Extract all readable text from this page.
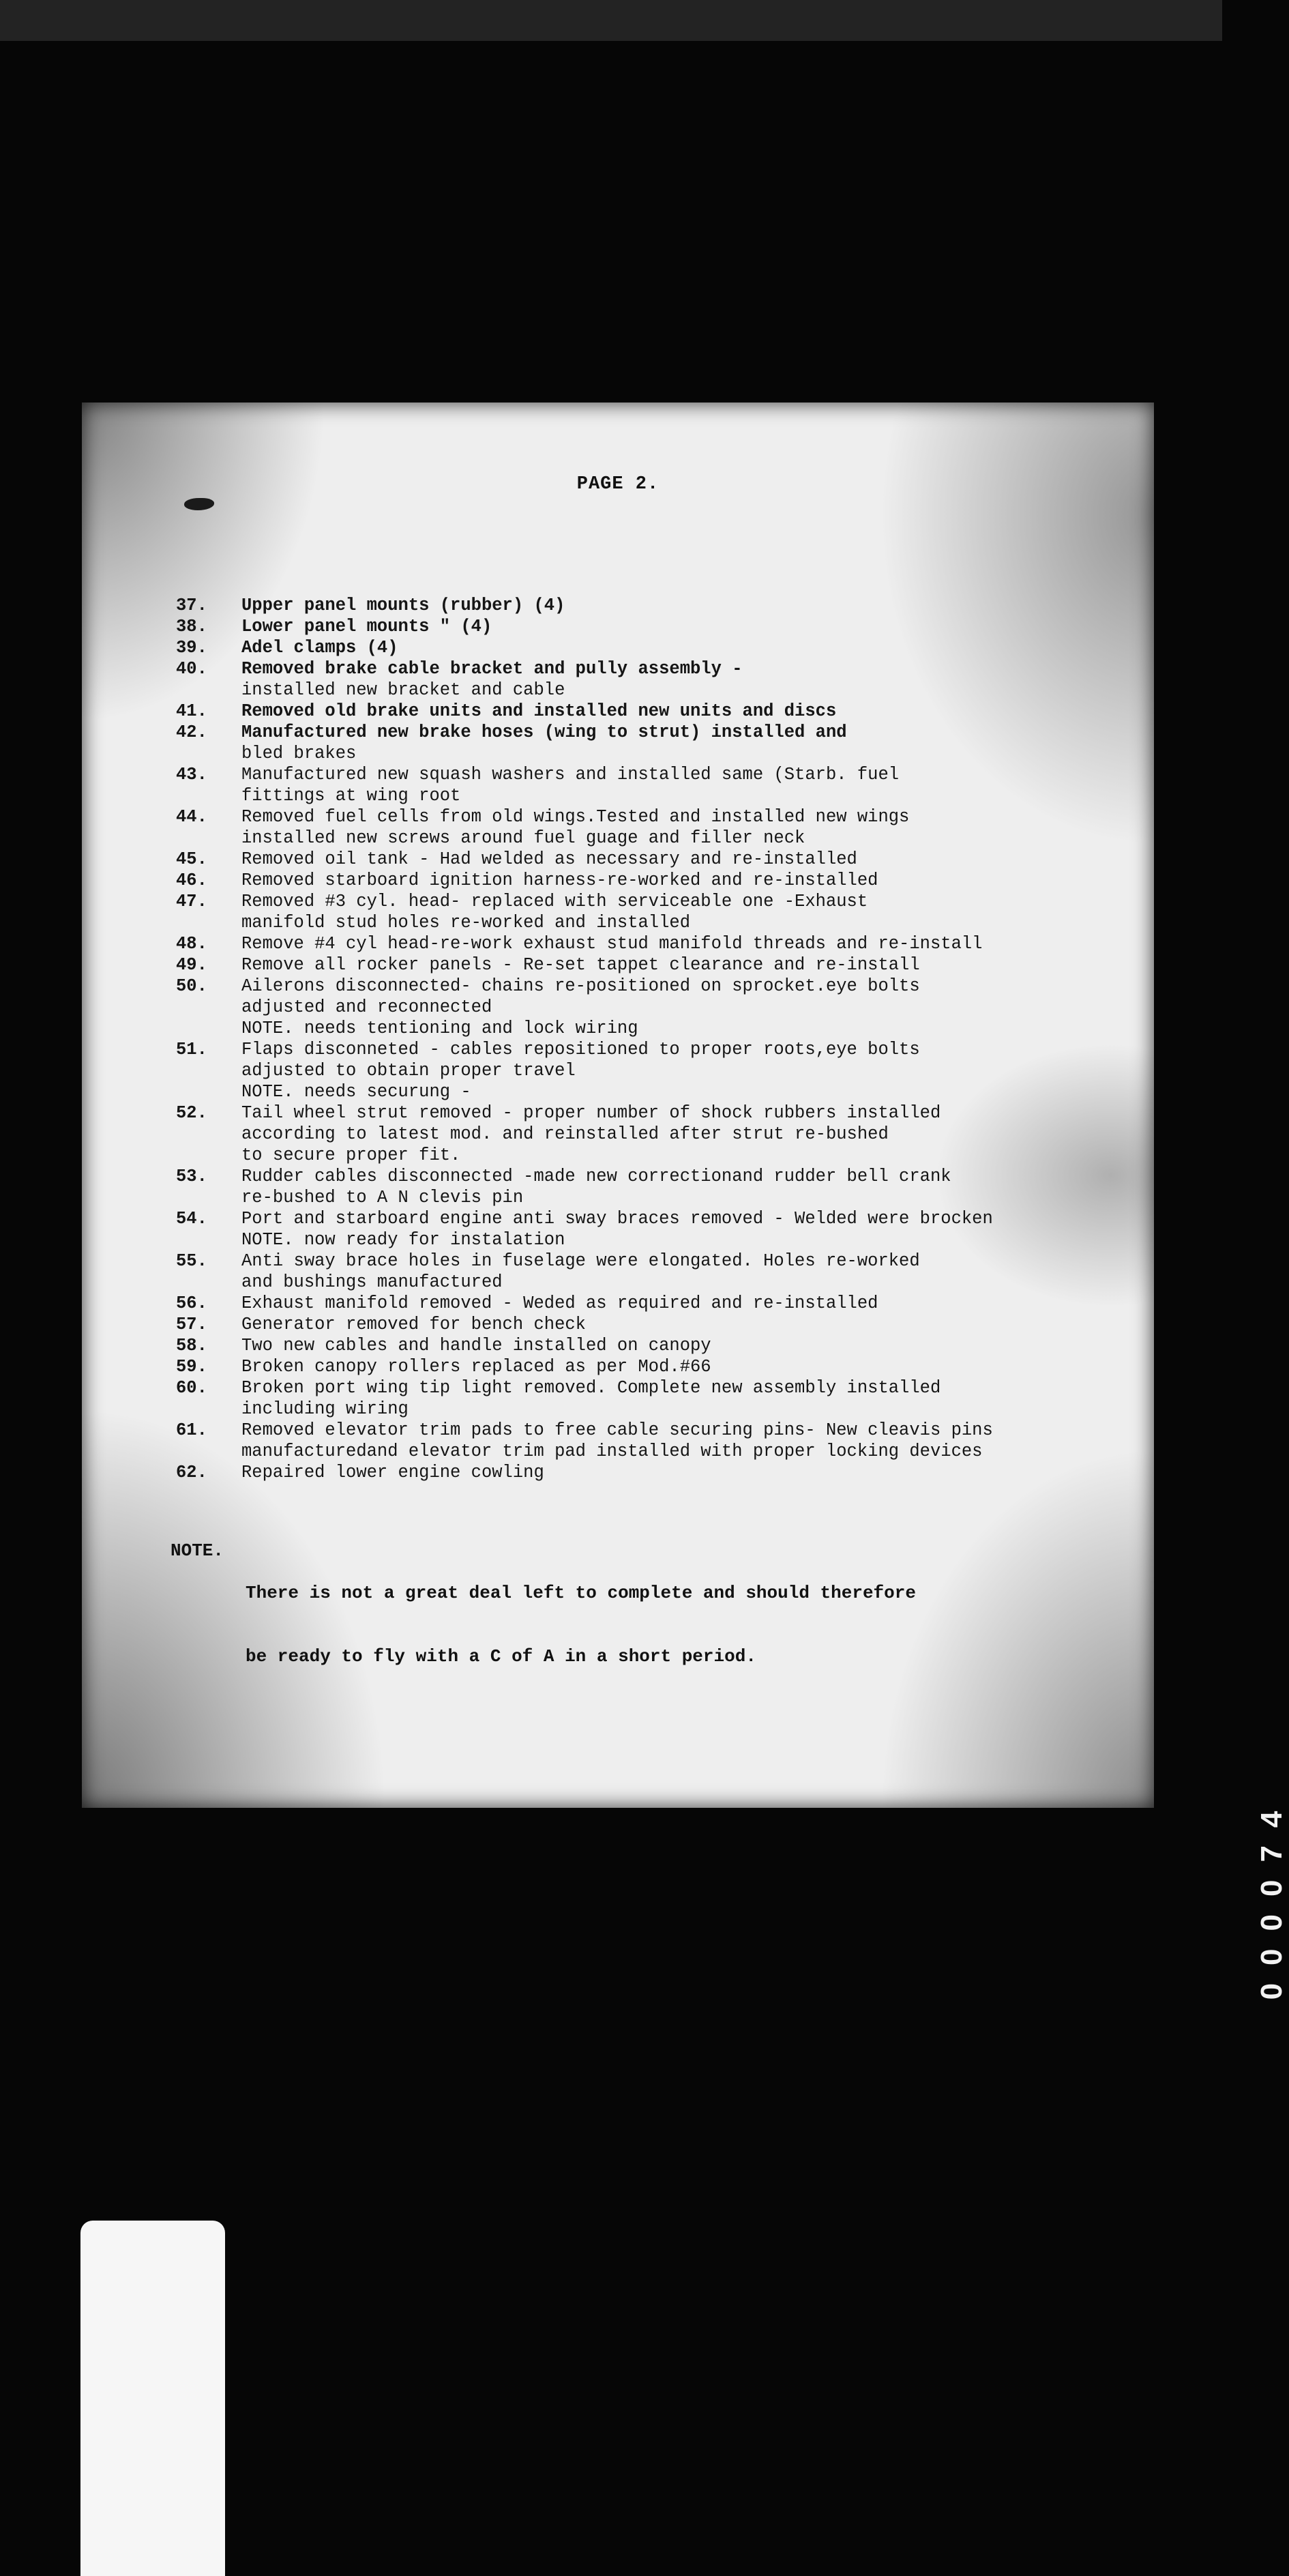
PAGE 2.
37.	Upper panel mounts (rubber) (4)
38.	Lower panel mounts " (4)
39.	Adel clamps (4)
40.	Removed brake cable bracket and pully assembly -
installed new bracket and cable
41.	Removed old brake units and installed new units and discs
42.	Manufactured new brake hoses (wing to strut) installed and
bled brakes
43.	Manufactured new squash washers and installed same (Starb. fuel
fittings at wing root
44.	Removed fuel cells from old wings.Tested and installed new wings
installed new screws around fuel guage and filler neck
45.	Removed oil tank - Had welded as necessary and re-installed
46.	Removed starboard ignition harness-re-worked and re-installed
47.	Removed #3 cyl. head- replaced with serviceable one -Exhaust
manifold stud holes re-worked and installed
48.	Remove #4 cyl head-re-work exhaust stud manifold threads and re-install
49.	Remove all rocker panels - Re-set tappet clearance and re-install
50.	Ailerons disconnected- chains re-positioned on sprocket.eye bolts
adjusted and reconnected
NOTE. needs tentioning and lock wiring
51.	Flaps disconneted - cables repositioned to proper roots,eye bolts
adjusted to obtain proper travel
NOTE. needs securung -
52.	Tail wheel strut removed - proper number of shock rubbers installed
according to latest mod. and reinstalled after strut re-bushed
to secure proper fit.
53.	Rudder cables disconnected -made new correctionand rudder bell crank
re-bushed to A N clevis pin
54.	Port and starboard engine anti sway braces removed - Welded were brocken
NOTE. now ready for instalation
55.	Anti sway brace holes in fuselage were elongated. Holes re-worked
and bushings manufactured
56.	Exhaust manifold removed - Weded as required and re-installed
57.	Generator removed for bench check
58.	Two new cables and handle installed on canopy
59.	Broken canopy rollers replaced as per Mod.#66
60.	Broken port wing tip light removed. Complete new assembly installed
including wiring
61.	Removed elevator trim pads to free cable securing pins- New cleavis pins
manufacturedand elevator trim pad installed with proper locking devices
62.	Repaired lower engine cowling
NOTE.

There is not a great deal left to complete and should therefore

be ready to fly with a C of A in a short period.

000074
